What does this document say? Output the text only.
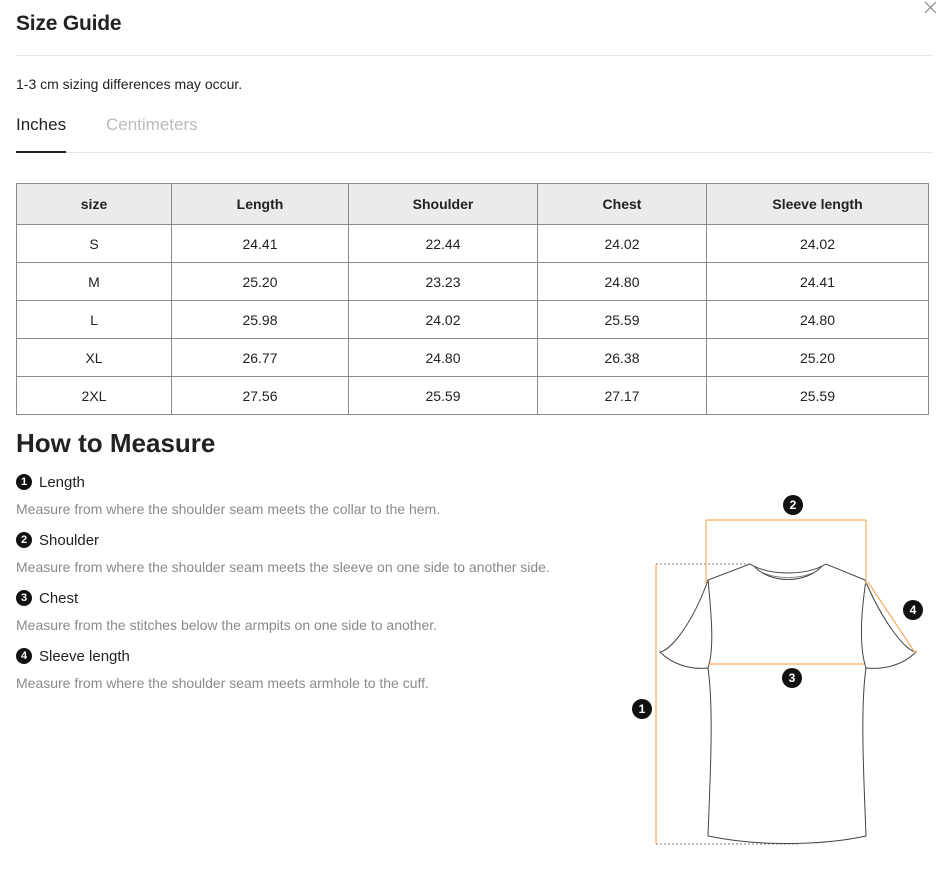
Size Guide
1-3 cm sizing differences may occur.
Inches Centimeters
size	Length	Shoulder	Chest	Sleeve length
S	24.41	22.44	24.02	24.02
M	25.20	23.23	24.80	24.41
L	25.98	24.02	25.59	24.80
XL	26.77	24.80	26.38	25.20
2XL	27.56	25.59	27.17	25.59
How to Measure
1 Length
Measure from where the shoulder seam meets the collar to the hem.
2 Shoulder
Measure from where the shoulder seam meets the sleeve on one side to another side.
3 Chest
Measure from the stitches below the armpits on one side to another.
4 Sleeve length
Measure from where the shoulder seam meets armhole to the cuff.
1
2
3
4
